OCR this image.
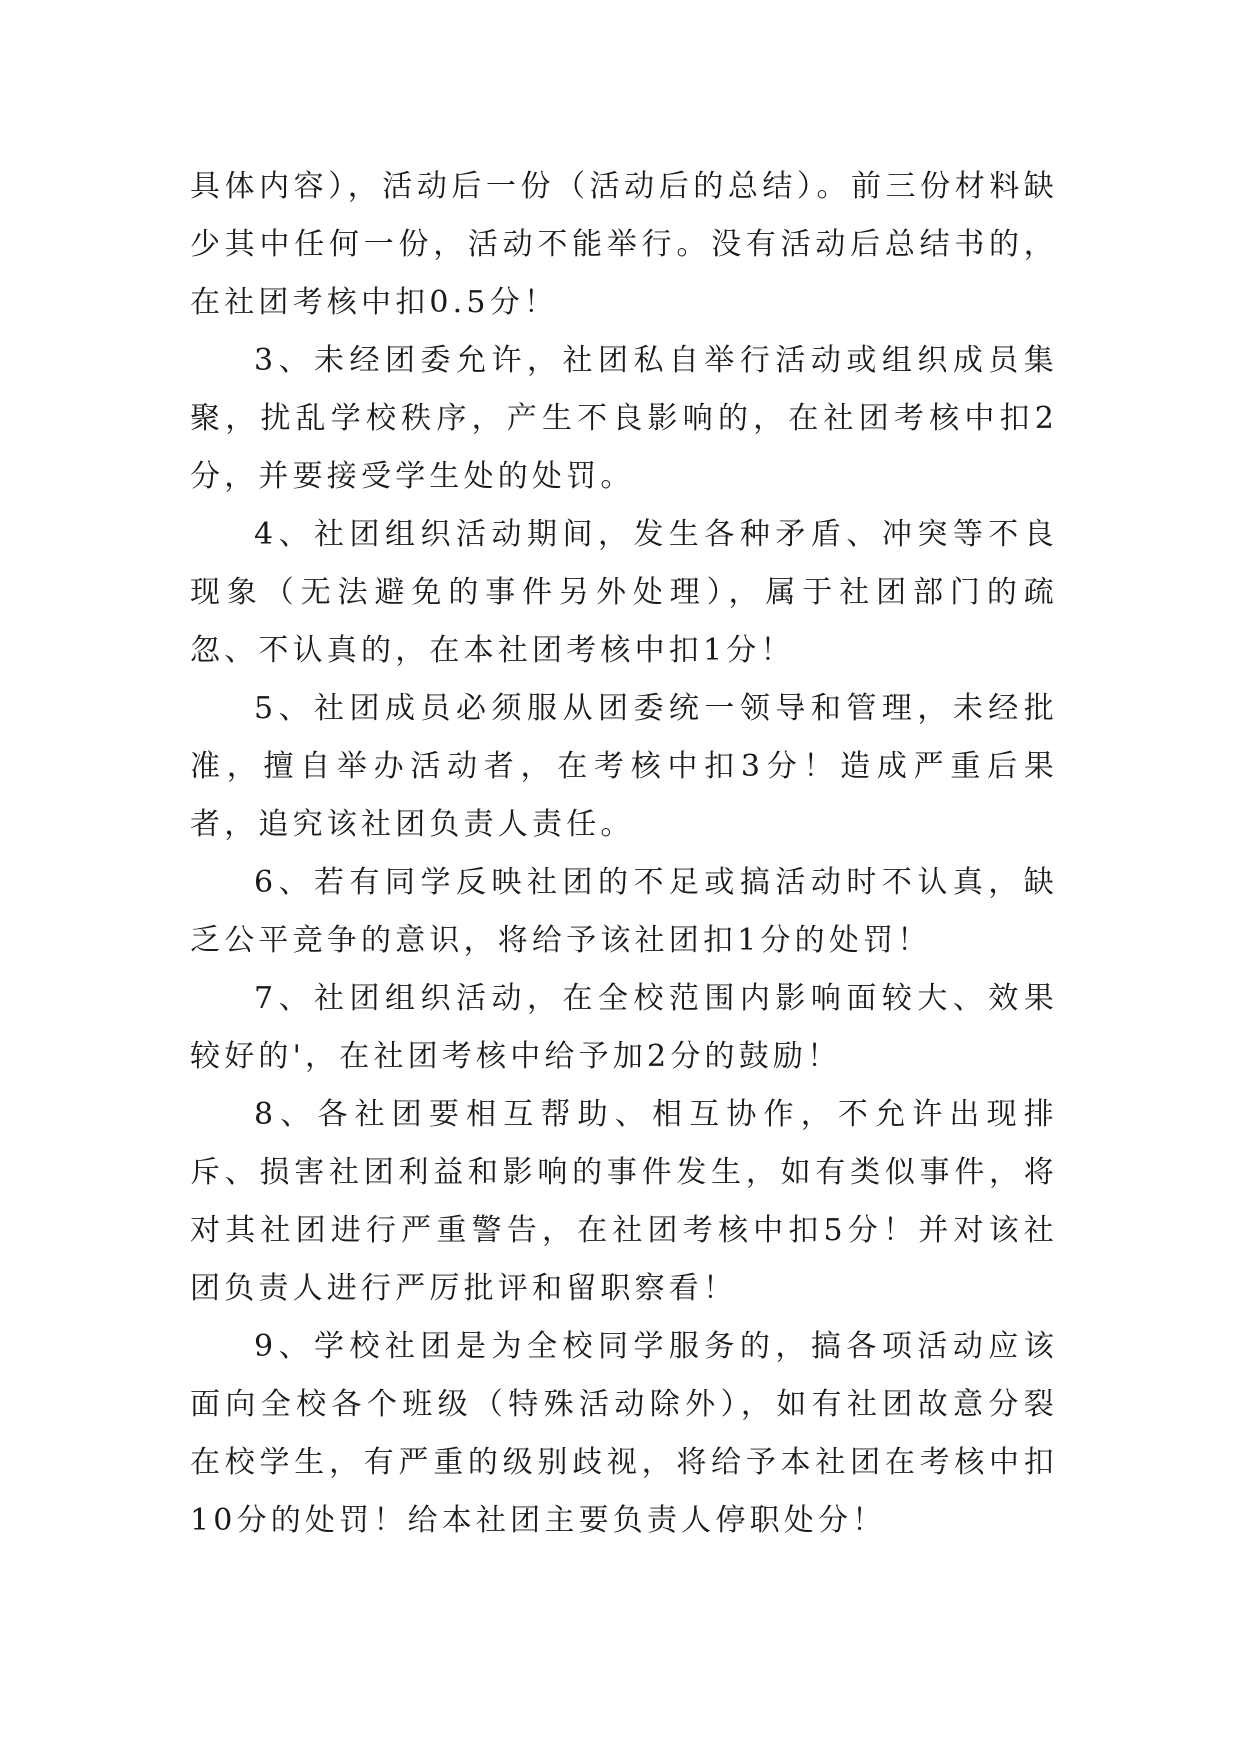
具体内容），活动后一份（活动后的总结）。前三份材料缺少其中任何一份，活动不能举行。没有活动后总结书的，在社团考核中扣0.5分！

3、未经团委允许，社团私自举行活动或组织成员集聚，扰乱学校秩序，产生不良影响的，在社团考核中扣2分，并要接受学生处的处罚。

4、社团组织活动期间，发生各种矛盾、冲突等不良现象（无法避免的事件另外处理），属于社团部门的疏忽、不认真的，在本社团考核中扣1分！

5、社团成员必须服从团委统一领导和管理，未经批准，擅自举办活动者，在考核中扣3分！造成严重后果者，追究该社团负责人责任。

6、若有同学反映社团的不足或搞活动时不认真，缺乏公平竞争的意识，将给予该社团扣1分的处罚！

7、社团组织活动，在全校范围内影响面较大、效果较好的'，在社团考核中给予加2分的鼓励！

8、各社团要相互帮助、相互协作，不允许出现排斥、损害社团利益和影响的事件发生，如有类似事件，将对其社团进行严重警告，在社团考核中扣5分！并对该社团负责人进行严厉批评和留职察看！

9、学校社团是为全校同学服务的，搞各项活动应该面向全校各个班级（特殊活动除外），如有社团故意分裂在校学生，有严重的级别歧视，将给予本社团在考核中扣10分的处罚！给本社团主要负责人停职处分！
